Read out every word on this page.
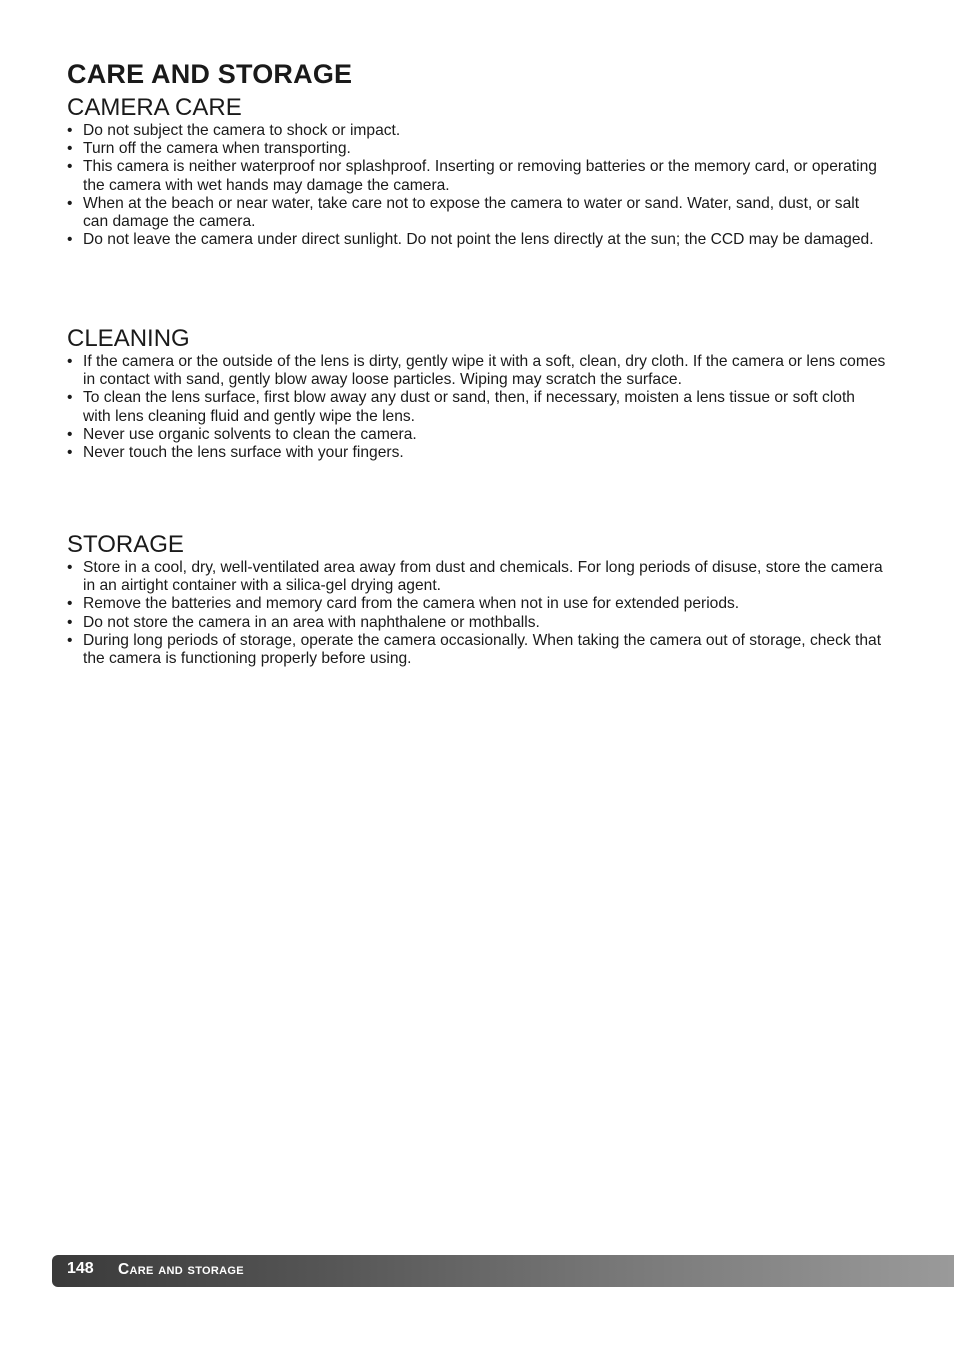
CARE AND STORAGE
CAMERA CARE
• Do not subject the camera to shock or impact.
• Turn off the camera when transporting.
• This camera is neither waterproof nor splashproof. Inserting or removing batteries or the memory card, or operating the camera with wet hands may damage the camera.
• When at the beach or near water, take care not to expose the camera to water or sand. Water, sand, dust, or salt can damage the camera.
• Do not leave the camera under direct sunlight. Do not point the lens directly at the sun; the CCD may be damaged.
CLEANING
• If the camera or the outside of the lens is dirty, gently wipe it with a soft, clean, dry cloth. If the camera or lens comes in contact with sand, gently blow away loose particles. Wiping may scratch the surface.
• To clean the lens surface, first blow away any dust or sand, then, if necessary, moisten a lens tissue or soft cloth with lens cleaning fluid and gently wipe the lens.
• Never use organic solvents to clean the camera.
• Never touch the lens surface with your fingers.
STORAGE
• Store in a cool, dry, well-ventilated area away from dust and chemicals. For long periods of disuse, store the camera in an airtight container with a silica-gel drying agent.
• Remove the batteries and memory card from the camera when not in use for extended periods.
• Do not store the camera in an area with naphthalene or mothballs.
• During long periods of storage, operate the camera occasionally. When taking the camera out of storage, check that the camera is functioning properly before using.
148 Care and storage
